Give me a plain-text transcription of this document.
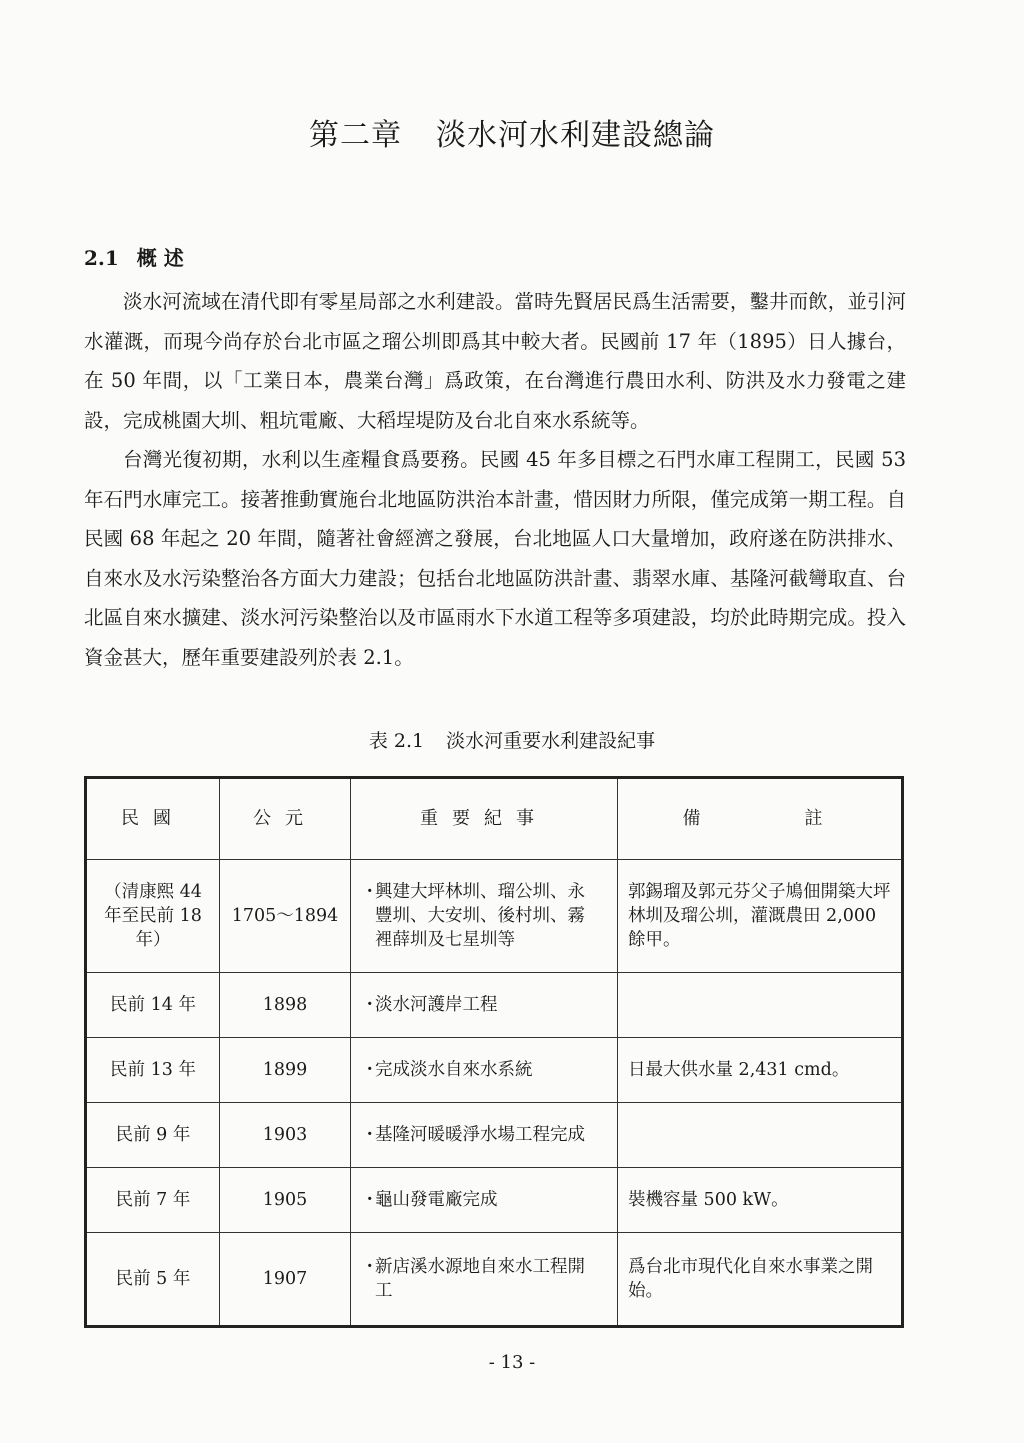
第二章 淡水河水利建設總論
2.1 概 述

淡水河流域在清代即有零星局部之水利建設。當時先賢居民爲生活需要，鑿井而飲，並引河水灌溉，而現今尚存於台北市區之瑠公圳即爲其中較大者。民國前 17 年（1895）日人據台，在 50 年間，以「工業日本，農業台灣」爲政策，在台灣進行農田水利、防洪及水力發電之建設，完成桃園大圳、粗坑電廠、大稻埕堤防及台北自來水系統等。

台灣光復初期，水利以生產糧食爲要務。民國 45 年多目標之石門水庫工程開工，民國 53 年石門水庫完工。接著推動實施台北地區防洪治本計畫，惜因財力所限，僅完成第一期工程。自民國 68 年起之 20 年間，隨著社會經濟之發展，台北地區人口大量增加，政府遂在防洪排水、自來水及水污染整治各方面大力建設；包括台北地區防洪計畫、翡翠水庫、基隆河截彎取直、台北區自來水擴建、淡水河污染整治以及市區雨水下水道工程等多項建設，均於此時期完成。投入資金甚大，歷年重要建設列於表 2.1。

表 2.1 淡水河重要水利建設紀事

民國	公元	重要紀事	備 註
（清康熙 44 年至民前 18 年）	1705～1894	・興建大坪林圳、瑠公圳、永豐圳、大安圳、後村圳、霧裡薛圳及七星圳等	郭錫瑠及郭元芬父子鳩佃開築大坪林圳及瑠公圳，灌溉農田 2,000 餘甲。
民前 14 年	1898	・淡水河護岸工程	
民前 13 年	1899	・完成淡水自來水系統	日最大供水量 2,431 cmd。
民前 9 年	1903	・基隆河暖暖淨水場工程完成	
民前 7 年	1905	・龜山發電廠完成	裝機容量 500 kW。
民前 5 年	1907	・新店溪水源地自來水工程開工	爲台北市現代化自來水事業之開始。

- 13 -
